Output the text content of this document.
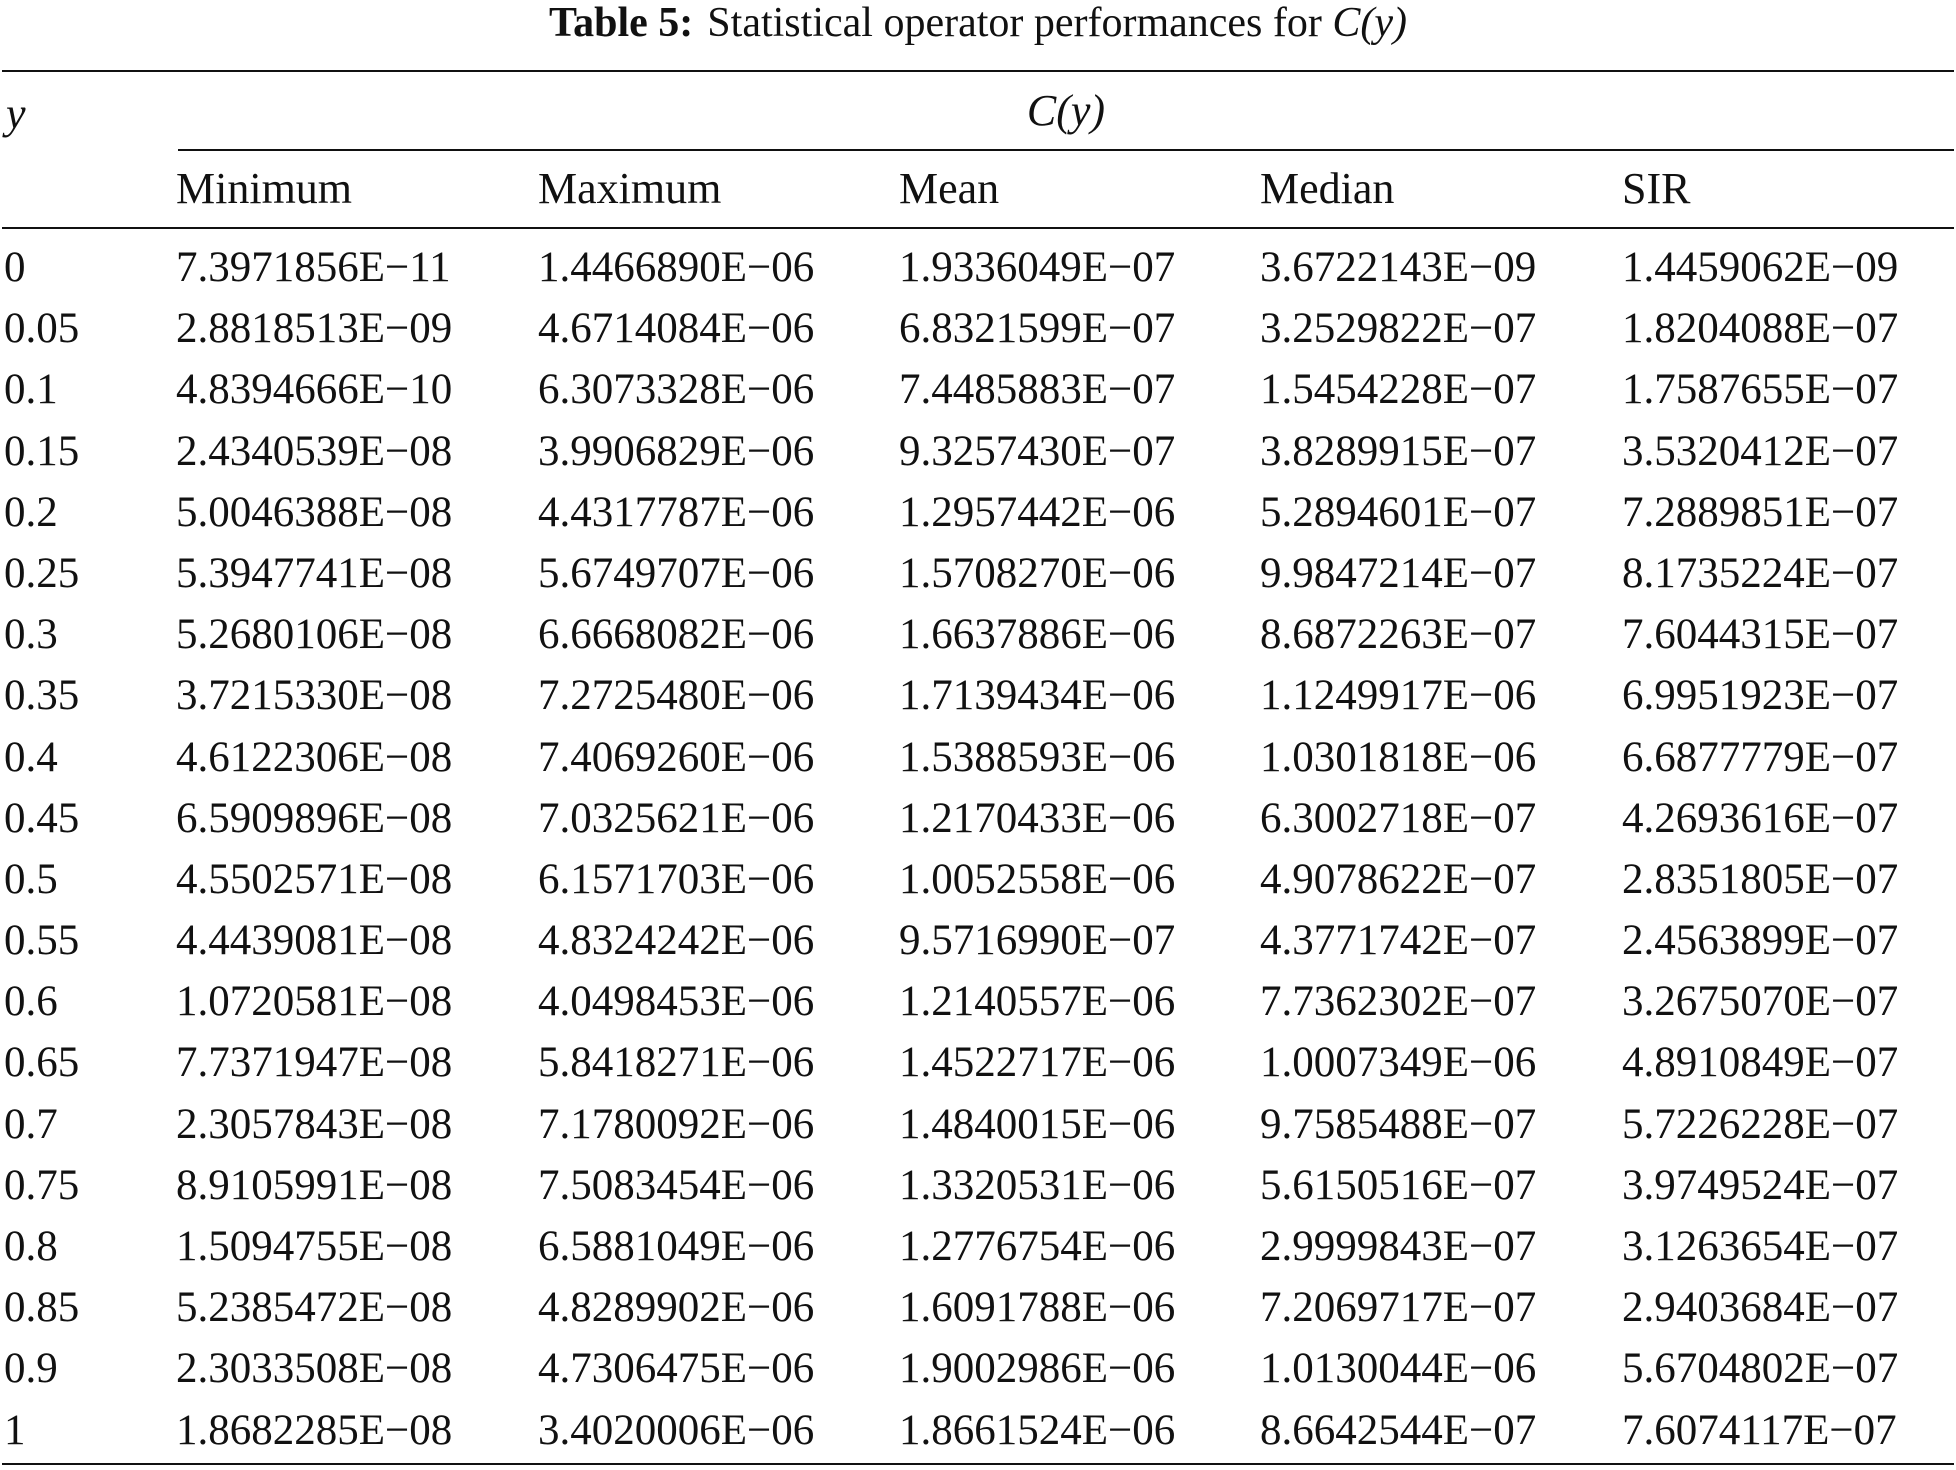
Table 5: Statistical operator performances for C(y)
y	C(y)
Minimum	Maximum	Mean	Median	SIR
0	7.3971856E−11 1.4466890E−06 1.9336049E−07 3.6722143E−09 1.4459062E−09
0.05 2.8818513E−09 4.6714084E−06 6.8321599E−07 3.2529822E−07 1.8204088E−07
0.1	4.8394666E−10 6.3073328E−06 7.4485883E−07 1.5454228E−07 1.7587655E−07
0.15 2.4340539E−08 3.9906829E−06 9.3257430E−07 3.8289915E−07 3.5320412E−07
0.2	5.0046388E−08 4.4317787E−06 1.2957442E−06 5.2894601E−07 7.2889851E−07
0.25 5.3947741E−08 5.6749707E−06 1.5708270E−06 9.9847214E−07 8.1735224E−07
0.3	5.2680106E−08 6.6668082E−06 1.6637886E−06 8.6872263E−07 7.6044315E−07
0.35 3.7215330E−08 7.2725480E−06 1.7139434E−06 1.1249917E−06 6.9951923E−07
0.4	4.6122306E−08 7.4069260E−06 1.5388593E−06 1.0301818E−06 6.6877779E−07
0.45 6.5909896E−08 7.0325621E−06 1.2170433E−06 6.3002718E−07 4.2693616E−07
0.5	4.5502571E−08 6.1571703E−06 1.0052558E−06 4.9078622E−07 2.8351805E−07
0.55 4.4439081E−08 4.8324242E−06 9.5716990E−07 4.3771742E−07 2.4563899E−07
0.6	1.0720581E−08 4.0498453E−06 1.2140557E−06 7.7362302E−07 3.2675070E−07
0.65 7.7371947E−08 5.8418271E−06 1.4522717E−06 1.0007349E−06 4.8910849E−07
0.7	2.3057843E−08 7.1780092E−06 1.4840015E−06 9.7585488E−07 5.7226228E−07
0.75 8.9105991E−08 7.5083454E−06 1.3320531E−06 5.6150516E−07 3.9749524E−07
0.8	1.5094755E−08 6.5881049E−06 1.2776754E−06 2.9999843E−07 3.1263654E−07
0.85 5.2385472E−08 4.8289902E−06 1.6091788E−06 7.2069717E−07 2.9403684E−07
0.9	2.3033508E−08 4.7306475E−06 1.9002986E−06 1.0130044E−06 5.6704802E−07
1	1.8682285E−08 3.4020006E−06 1.8661524E−06 8.6642544E−07 7.6074117E−07
